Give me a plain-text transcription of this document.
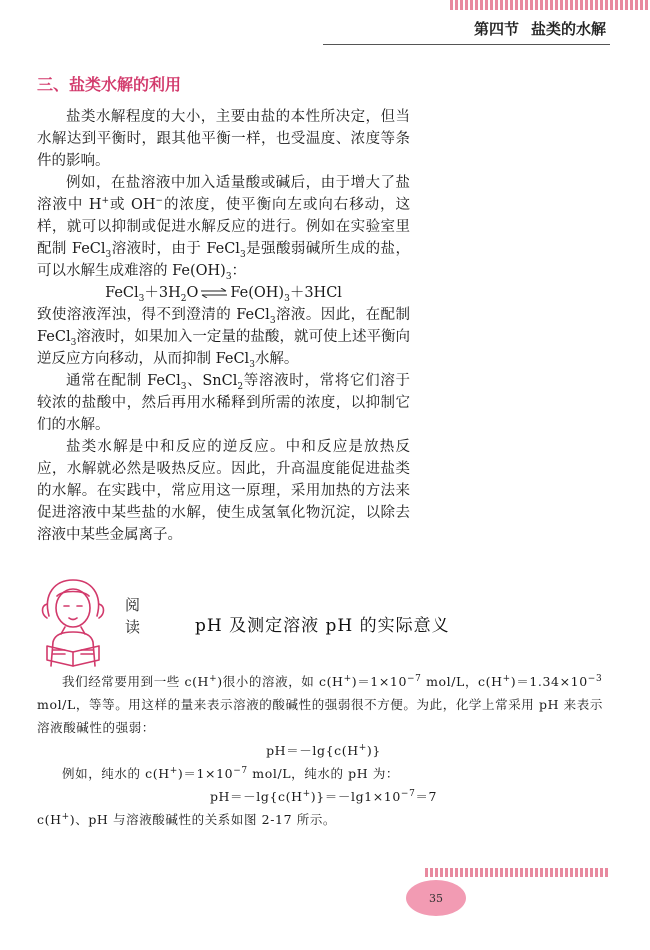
第四节 盐类的水解
三、盐类水解的利用

盐类水解程度的大小，主要由盐的本性所决定，但当水解达到平衡时，跟其他平衡一样，也受温度、浓度等条件的影响。

例如，在盐溶液中加入适量酸或碱后，由于增大了盐溶液中 H+或 OH−的浓度，使平衡向左或向右移动，这样，就可以抑制或促进水解反应的进行。例如在实验室里配制 FeCl$_3$溶液时，由于 FeCl$_3$是强酸弱碱所生成的盐，可以水解生成难溶的 $Fe(OH)_3$：

$FeCl_3+3H_2O$ ⇌ $Fe(OH)_3+3HCl$

致使溶液浑浊，得不到澄清的 FeCl$_3$溶液。因此，在配制 FeCl$_3$溶液时，如果加入一定量的盐酸，就可使上述平衡向逆反应方向移动，从而抑制 FeCl$_3$水解。

通常在配制 FeCl$_3$、SnCl$_2$等溶液时，常将它们溶于较浓的盐酸中，然后再用水稀释到所需的浓度，以抑制它们的水解。

盐类水解是中和反应的逆反应。中和反应是放热反应，水解就必然是吸热反应。因此，升高温度能促进盐类的水解。在实践中，常应用这一原理，采用加热的方法来促进溶液中某些盐的水解，使生成氢氧化物沉淀，以除去溶液中某些金属离子。

阅读	pH 及测定溶液 pH 的实际意义

我们经常要用到一些 c(H+)很小的溶液，如 $c(H^+)=1\times 10^{-7}$ mol/L，$c(H^+)=1.34\times 10^{-3}$ mol/L，等等。用这样的量来表示溶液的酸碱性的强弱很不方便。为此，化学上常采用 pH 来表示溶液酸碱性的强弱：

pH＝－lg{c(H+)}

例如，纯水的 $c(H^+)=1\times 10^{-7}$ mol/L，纯水的 pH 为：

$pH=-\lg\{c(H^+)\}=-\lg 1\times 10^{-7}=7$

c(H+)、pH 与溶液酸碱性的关系如图 2-17 所示。

35
